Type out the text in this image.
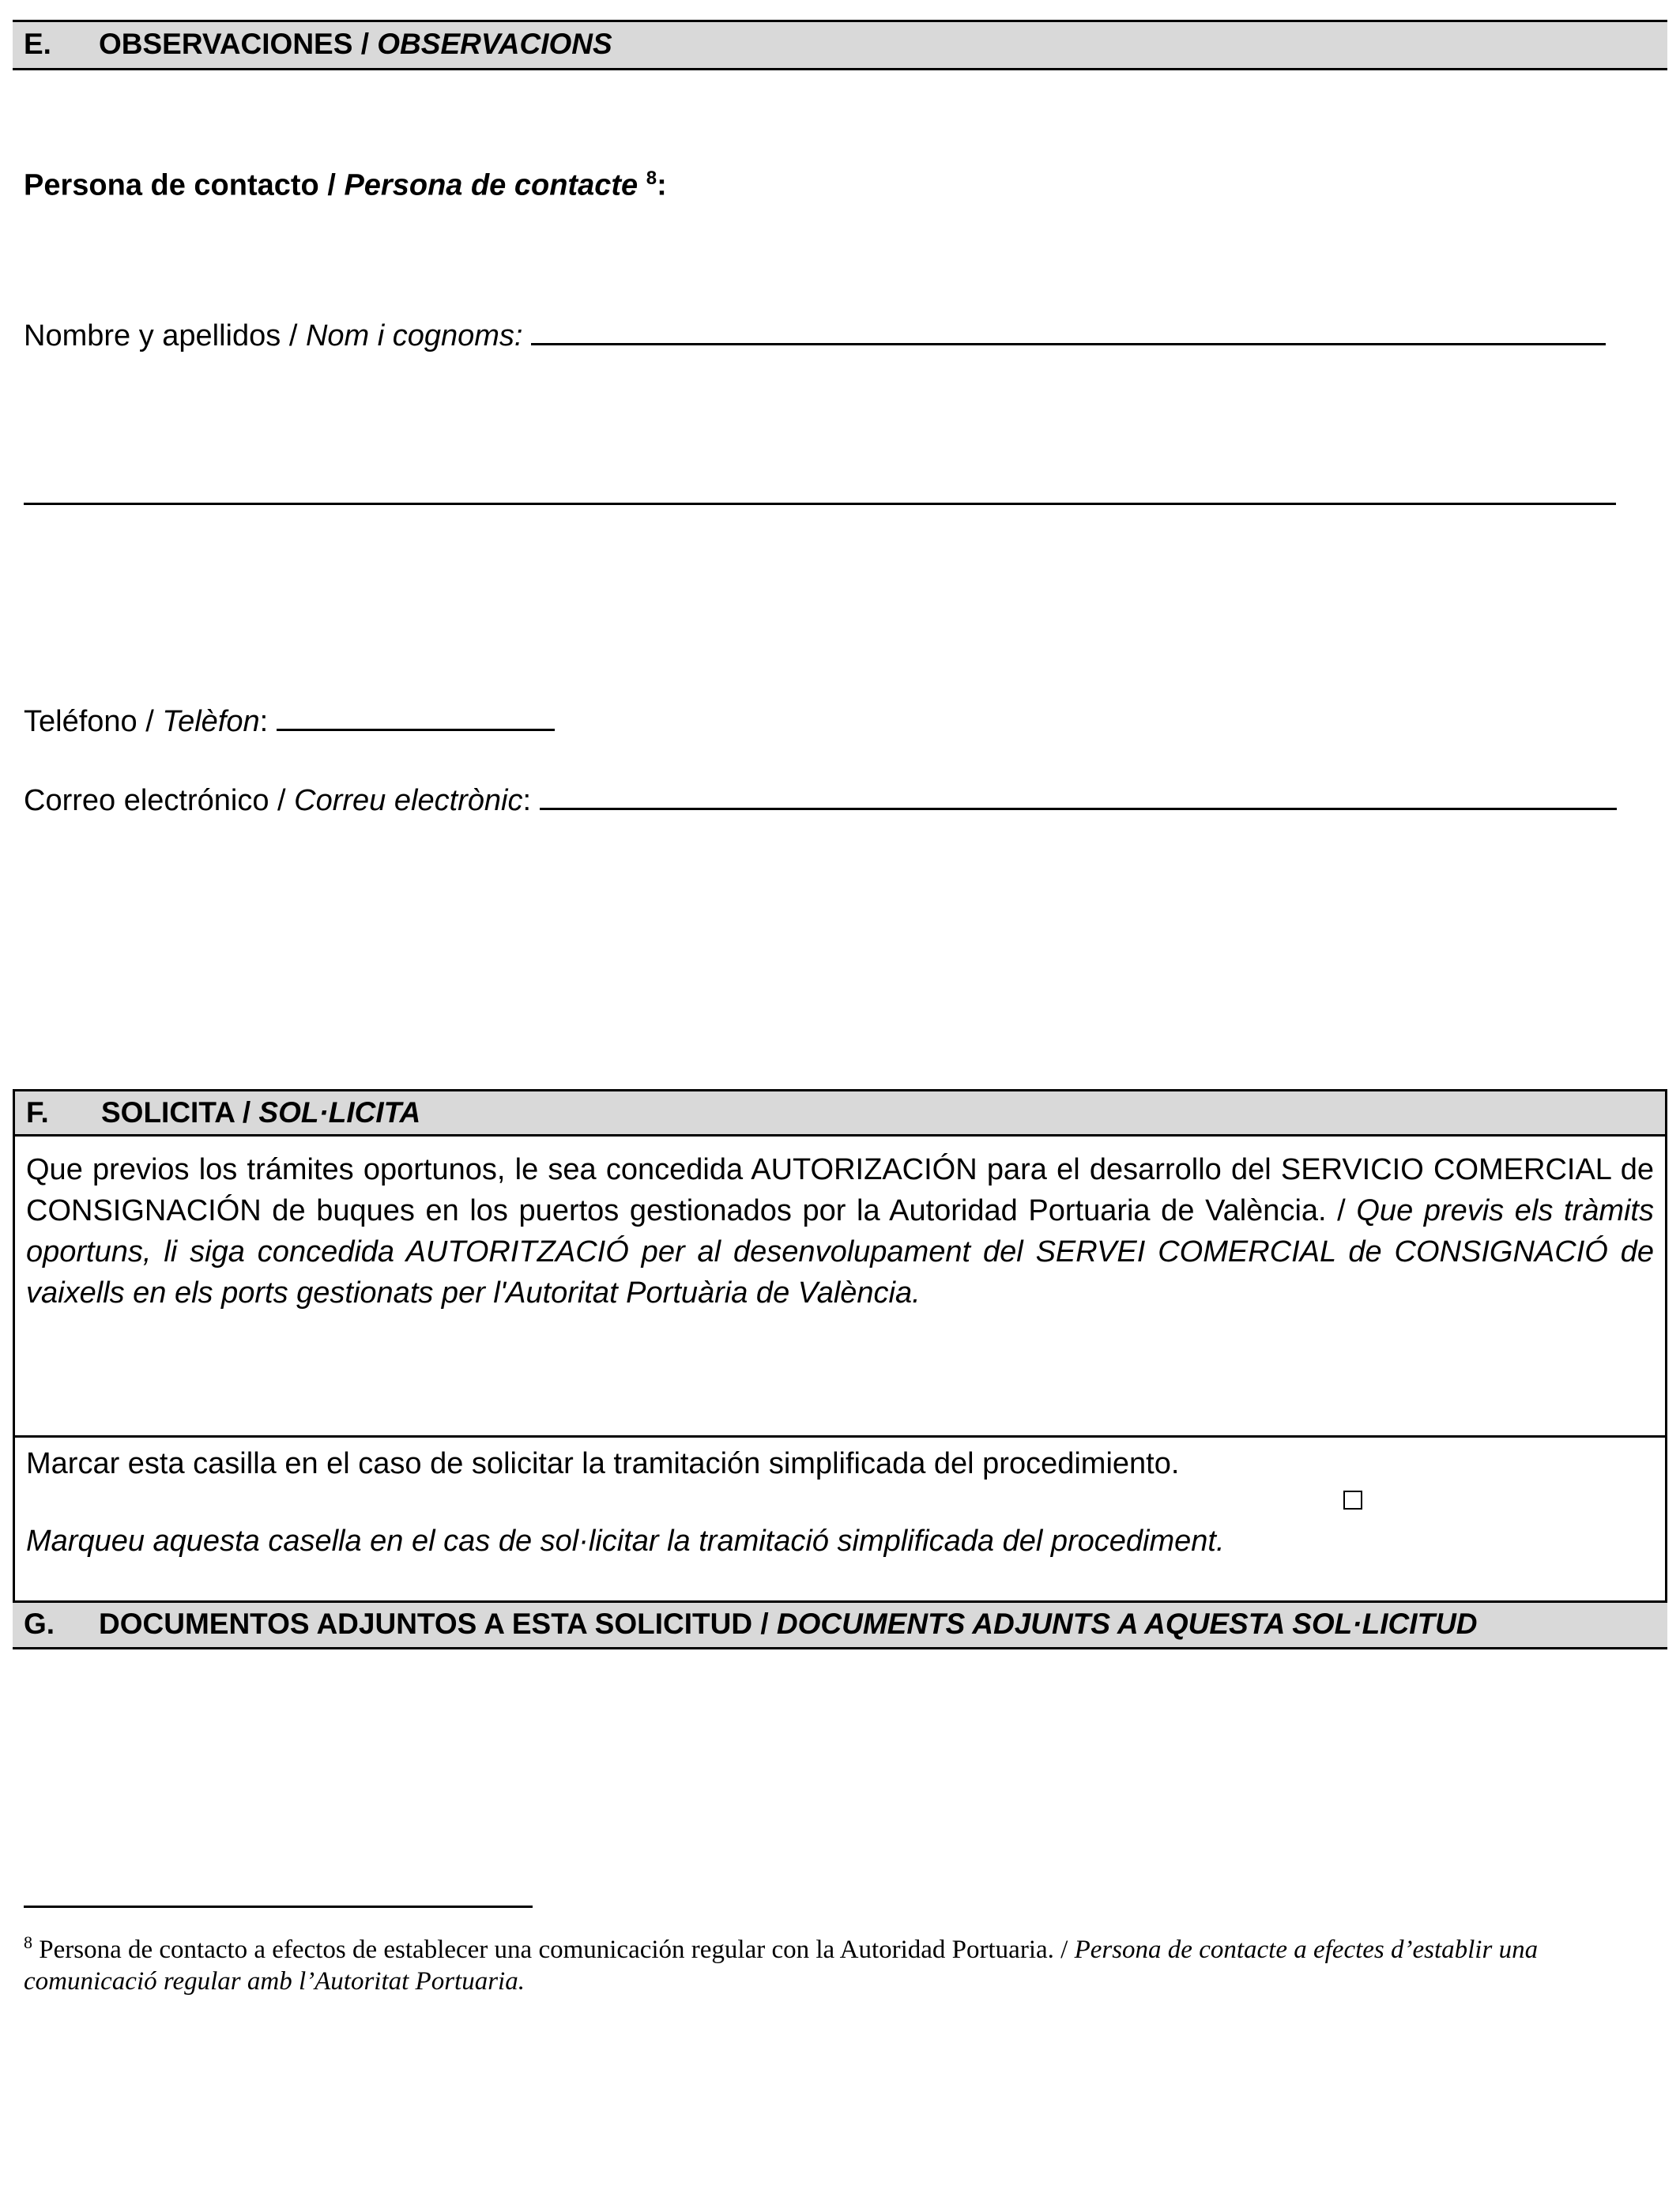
E. OBSERVACIONES / OBSERVACIONS
Persona de contacto / Persona de contacte $^8$:
Nombre y apellidos / Nom i cognoms:
Teléfono / Telèfon:
Correo electrónico / Correu electrònic:
F. SOLICITA / SOL·LICITA
Que previos los trámites oportunos, le sea concedida AUTORIZACIÓN para el desarrollo del SERVICIO COMERCIAL de CONSIGNACIÓN de buques en los puertos gestionados por la Autoridad Portuaria de València. / Que previs els tràmits oportuns, li siga concedida AUTORITZACIÓ per al desenvolupament del SERVEI COMERCIAL de CONSIGNACIÓ de vaixells en els ports gestionats per l'Autoritat Portuària de València.
Marcar esta casilla en el caso de solicitar la tramitación simplificada del procedimiento.
Marqueu aquesta casella en el cas de sol·licitar la tramitació simplificada del procediment.
G. DOCUMENTOS ADJUNTOS A ESTA SOLICITUD / DOCUMENTS ADJUNTS A AQUESTA SOL·LICITUD
$^8$ Persona de contacto a efectos de establecer una comunicación regular con la Autoridad Portuaria. / Persona de contacte a efectes d’establir una comunicació regular amb l’Autoritat Portuaria.
